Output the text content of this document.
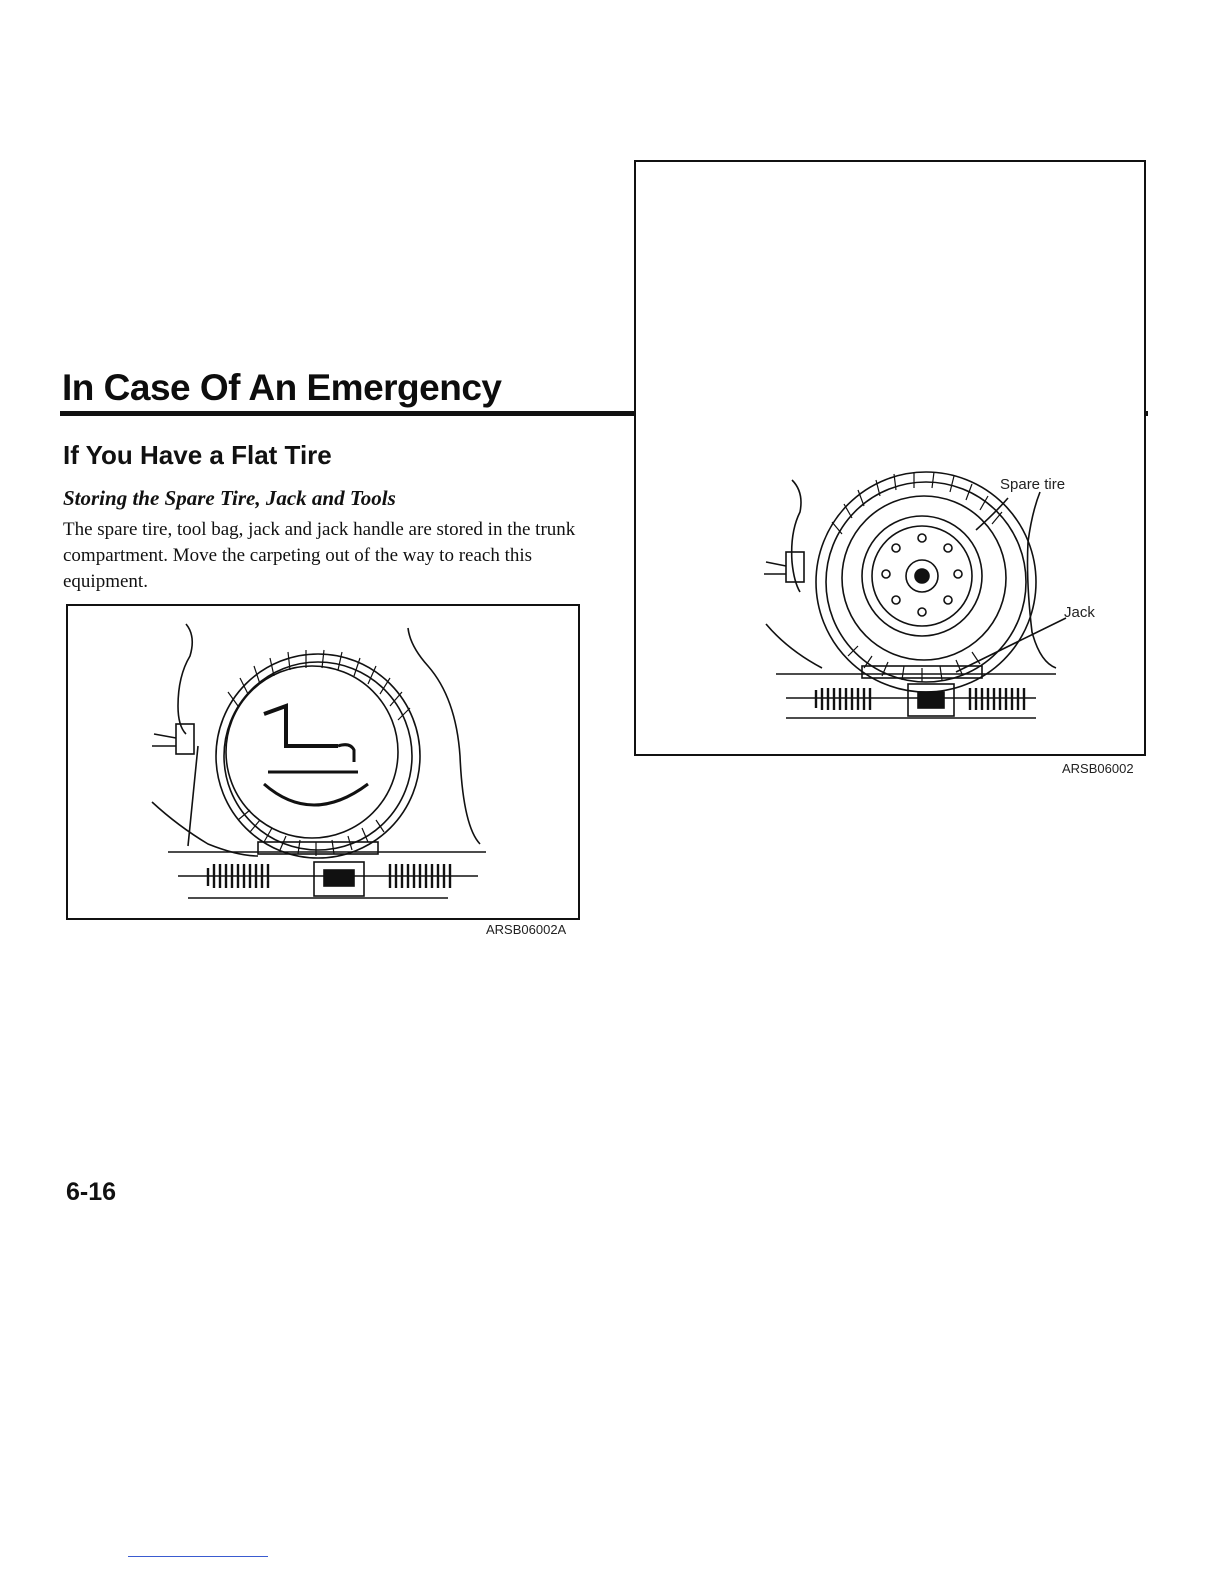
In Case Of An Emergency
If You Have a Flat Tire
Storing the Spare Tire, Jack and Tools

The spare tire, tool bag, jack and jack handle are stored in the trunk compartment. Move the carpeting out of the way to reach this equipment.

ARSB06002A
Spare tire
Jack
ARSB06002
6-16
